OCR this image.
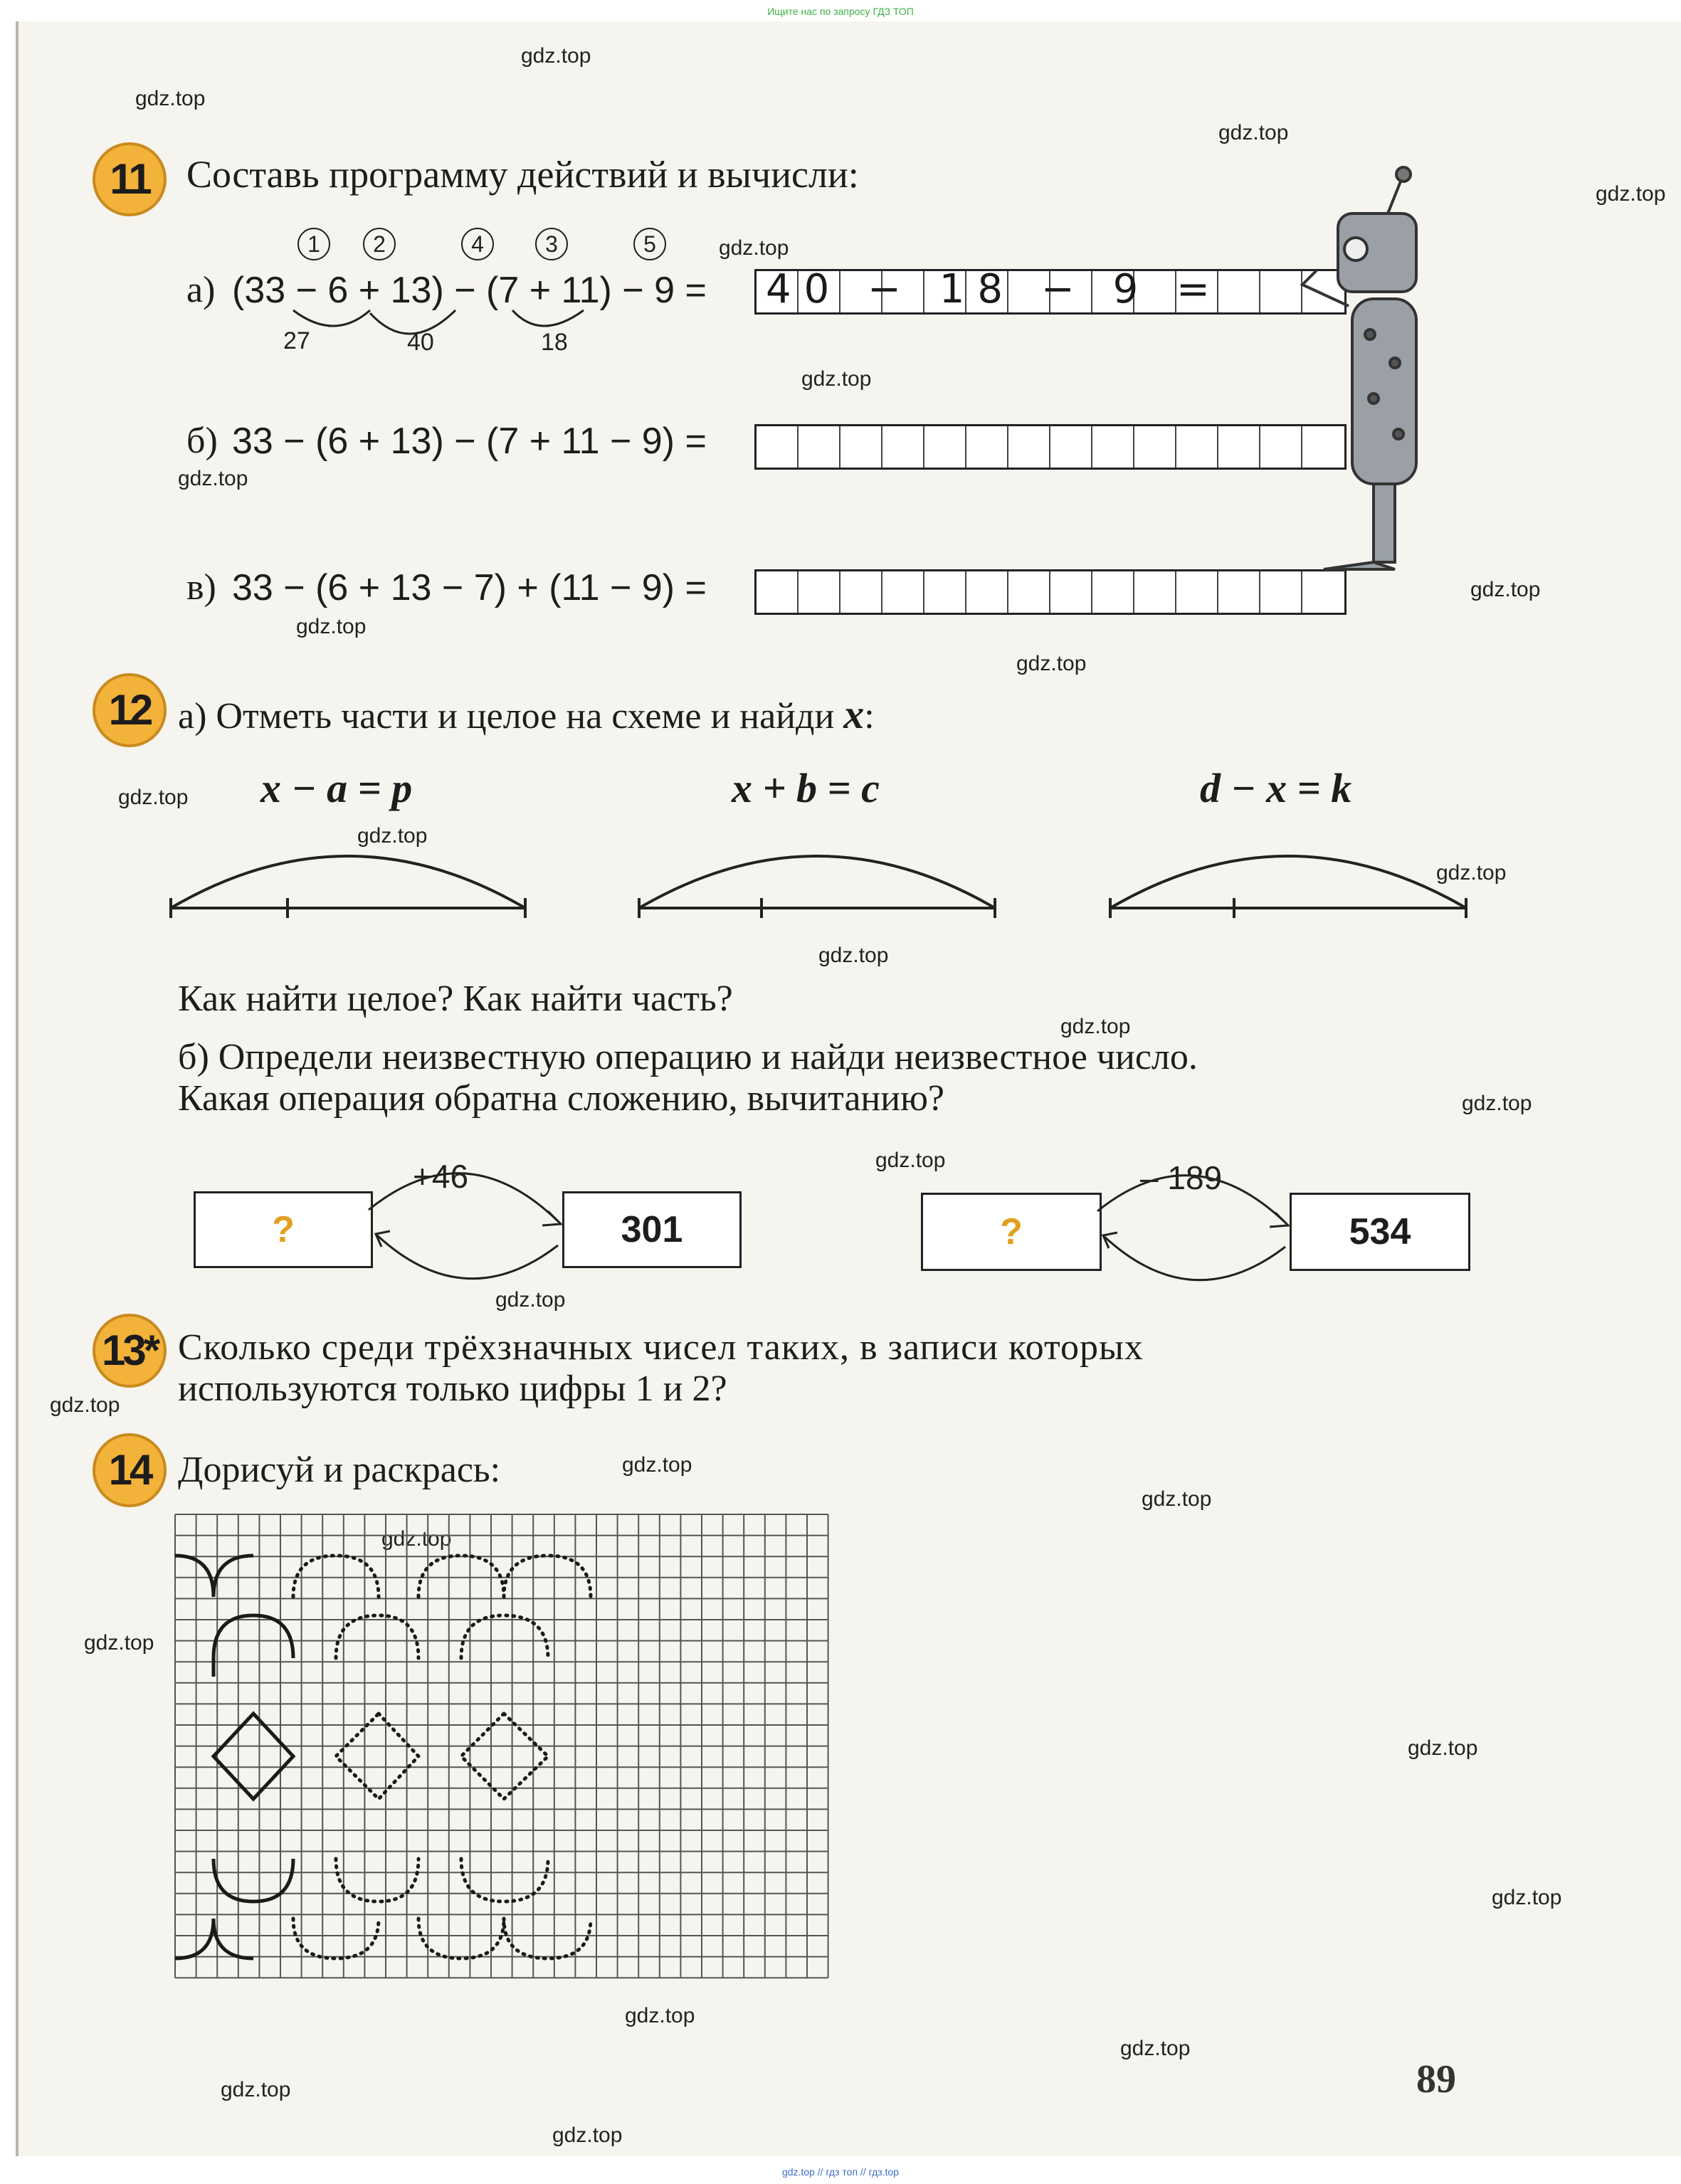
Ищите нас по запросу ГДЗ ТОП
gdz.top
gdz.top
gdz.top
gdz.top
gdz.top
gdz.top
gdz.top
gdz.top
gdz.top
gdz.top
gdz.top
gdz.top
gdz.top
gdz.top
gdz.top
gdz.top
gdz.top
gdz.top
gdz.top
gdz.top
gdz.top
gdz.top
gdz.top
gdz.top
gdz.top
gdz.top
gdz.top
gdz.top
gdz.top
11 Составь программу действий и вычисли:
1	2	4	3	5
а) (33 − 6 + 13) − (7 + 11) − 9 = 40 − 18 − 9 =
27	40	18
б) 33 − (6 + 13) − (7 + 11 − 9) =
в) 33 − (6 + 13 − 7) + (11 − 9) =
12 а) Отметь части и целое на схеме и найди x:
x − a = p	x + b = c	d − x = k
Как найти целое? Как найти часть?
б) Определи неизвестную операцию и найди неизвестное число.
Какая операция обратна сложению, вычитанию?
+46
?	301
– 189
?	534
13* Сколько среди трёхзначных чисел таких, в записи которых
используются только цифры 1 и 2?
14 Дорисуй и раскрась:
89
gdz.top // гдз топ // гдз.top
